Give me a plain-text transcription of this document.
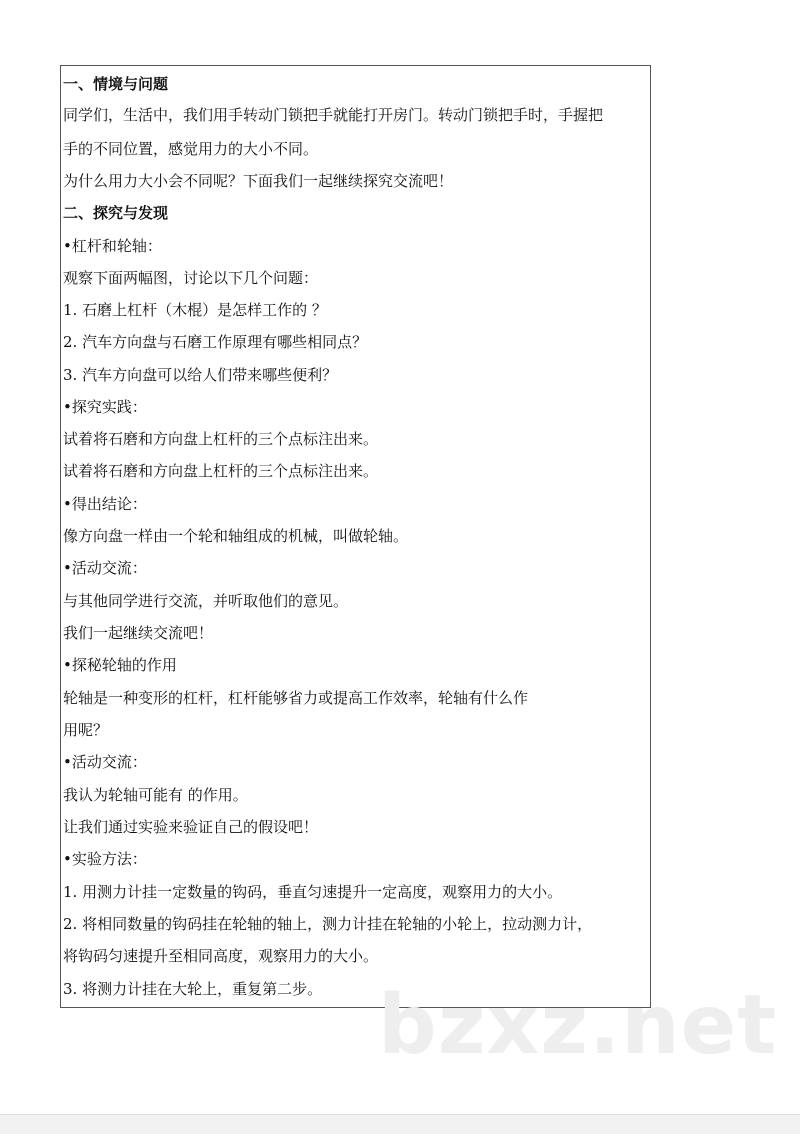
一、情境与问题

同学们，生活中，我们用手转动门锁把手就能打开房门。转动门锁把手时，手握把

手的不同位置，感觉用力的大小不同。

为什么用力大小会不同呢？下面我们一起继续探究交流吧！

二、探究与发现

•杠杆和轮轴：

观察下面两幅图，讨论以下几个问题：

1. 石磨上杠杆（木棍）是怎样工作的 ？

2. 汽车方向盘与石磨工作原理有哪些相同点？

3. 汽车方向盘可以给人们带来哪些便利？

•探究实践：

试着将石磨和方向盘上杠杆的三个点标注出来。

试着将石磨和方向盘上杠杆的三个点标注出来。

•得出结论：

像方向盘一样由一个轮和轴组成的机械，叫做轮轴。

•活动交流：

与其他同学进行交流，并听取他们的意见。

我们一起继续交流吧！

•探秘轮轴的作用

轮轴是一种变形的杠杆，杠杆能够省力或提高工作效率，轮轴有什么作

用呢？

•活动交流：

我认为轮轴可能有 的作用。

让我们通过实验来验证自己的假设吧！

•实验方法：

1. 用测力计挂一定数量的钩码，垂直匀速提升一定高度，观察用力的大小。

2. 将相同数量的钩码挂在轮轴的轴上，测力计挂在轮轴的小轮上，拉动测力计，

将钩码匀速提升至相同高度，观察用力的大小。

3. 将测力计挂在大轮上，重复第二步。 bzxz.net
